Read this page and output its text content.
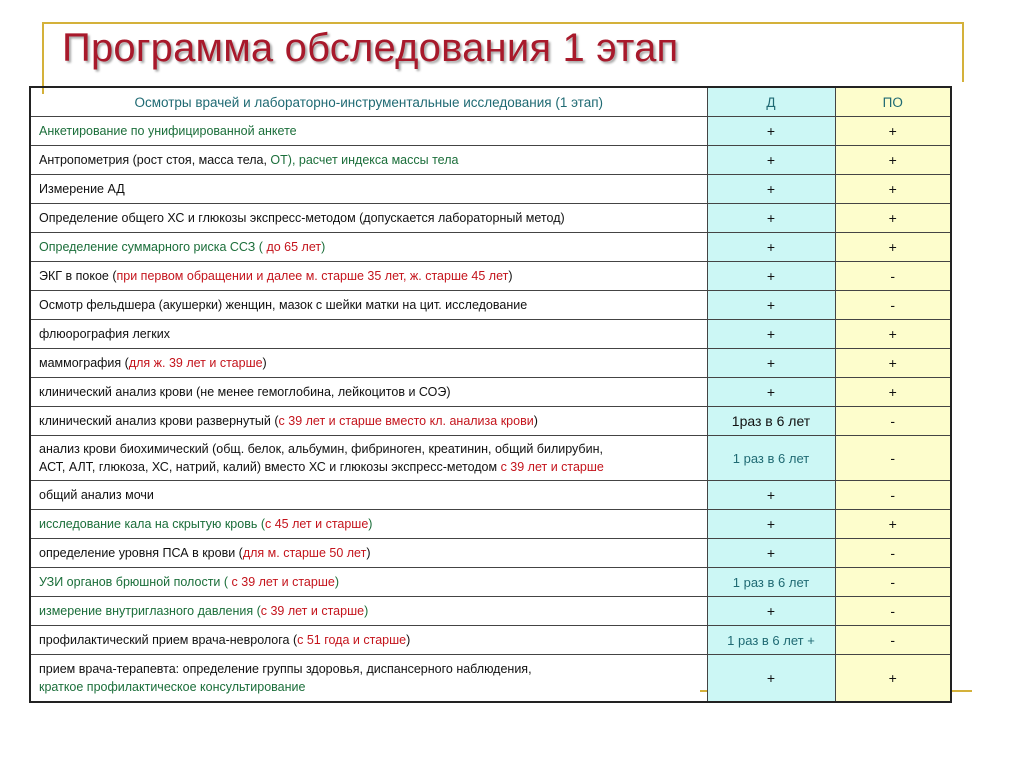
Программа обследования 1 этап
Осмотры врачей и лабораторно-инструментальные исследования (1 этап)	Д	ПО
Анкетирование по унифицированной анкете	+	+
Антропометрия (рост стоя, масса тела, ОТ), расчет индекса массы тела	+	+
Измерение АД	+	+
Определение общего ХС и глюкозы экспресс-методом (допускается лабораторный метод)	+	+
Определение суммарного риска ССЗ ( до 65 лет)	+	+
ЭКГ в покое (при первом обращении и далее м. старше 35 лет, ж. старше 45 лет)	+	-
Осмотр фельдшера (акушерки) женщин, мазок с шейки матки на цит. исследование	+	-
флюорография легких	+	+
маммография (для ж. 39 лет и старше)	+	+
клинический анализ крови (не менее гемоглобина, лейкоцитов и СОЭ)	+	+
клинический анализ крови развернутый (с 39 лет и старше вместо кл. анализа крови)	1раз в 6 лет	-

анализ крови биохимический (общ. белок, альбумин, фибриноген, креатинин, общий билирубин,
АСТ, АЛТ, глюкоза, ХС, натрий, калий) вместо ХС и глюкозы экспресс-методом с 39 лет и старше	1 раз в 6 лет	-
общий анализ мочи	+	-
исследование кала на скрытую кровь (с 45 лет и старше)	+	+
определение уровня ПСА в крови (для м. старше 50 лет)	+	-
УЗИ органов брюшной полости ( с 39 лет и старше)	1 раз в 6 лет	-
измерение внутриглазного давления (с 39 лет и старше)	+	-
профилактический прием врача-невролога (с 51 года и старше)	1 раз в 6 лет +	-

прием врача-терапевта: определение группы здоровья, диспансерного наблюдения,
краткое профилактическое консультирование	+	+
